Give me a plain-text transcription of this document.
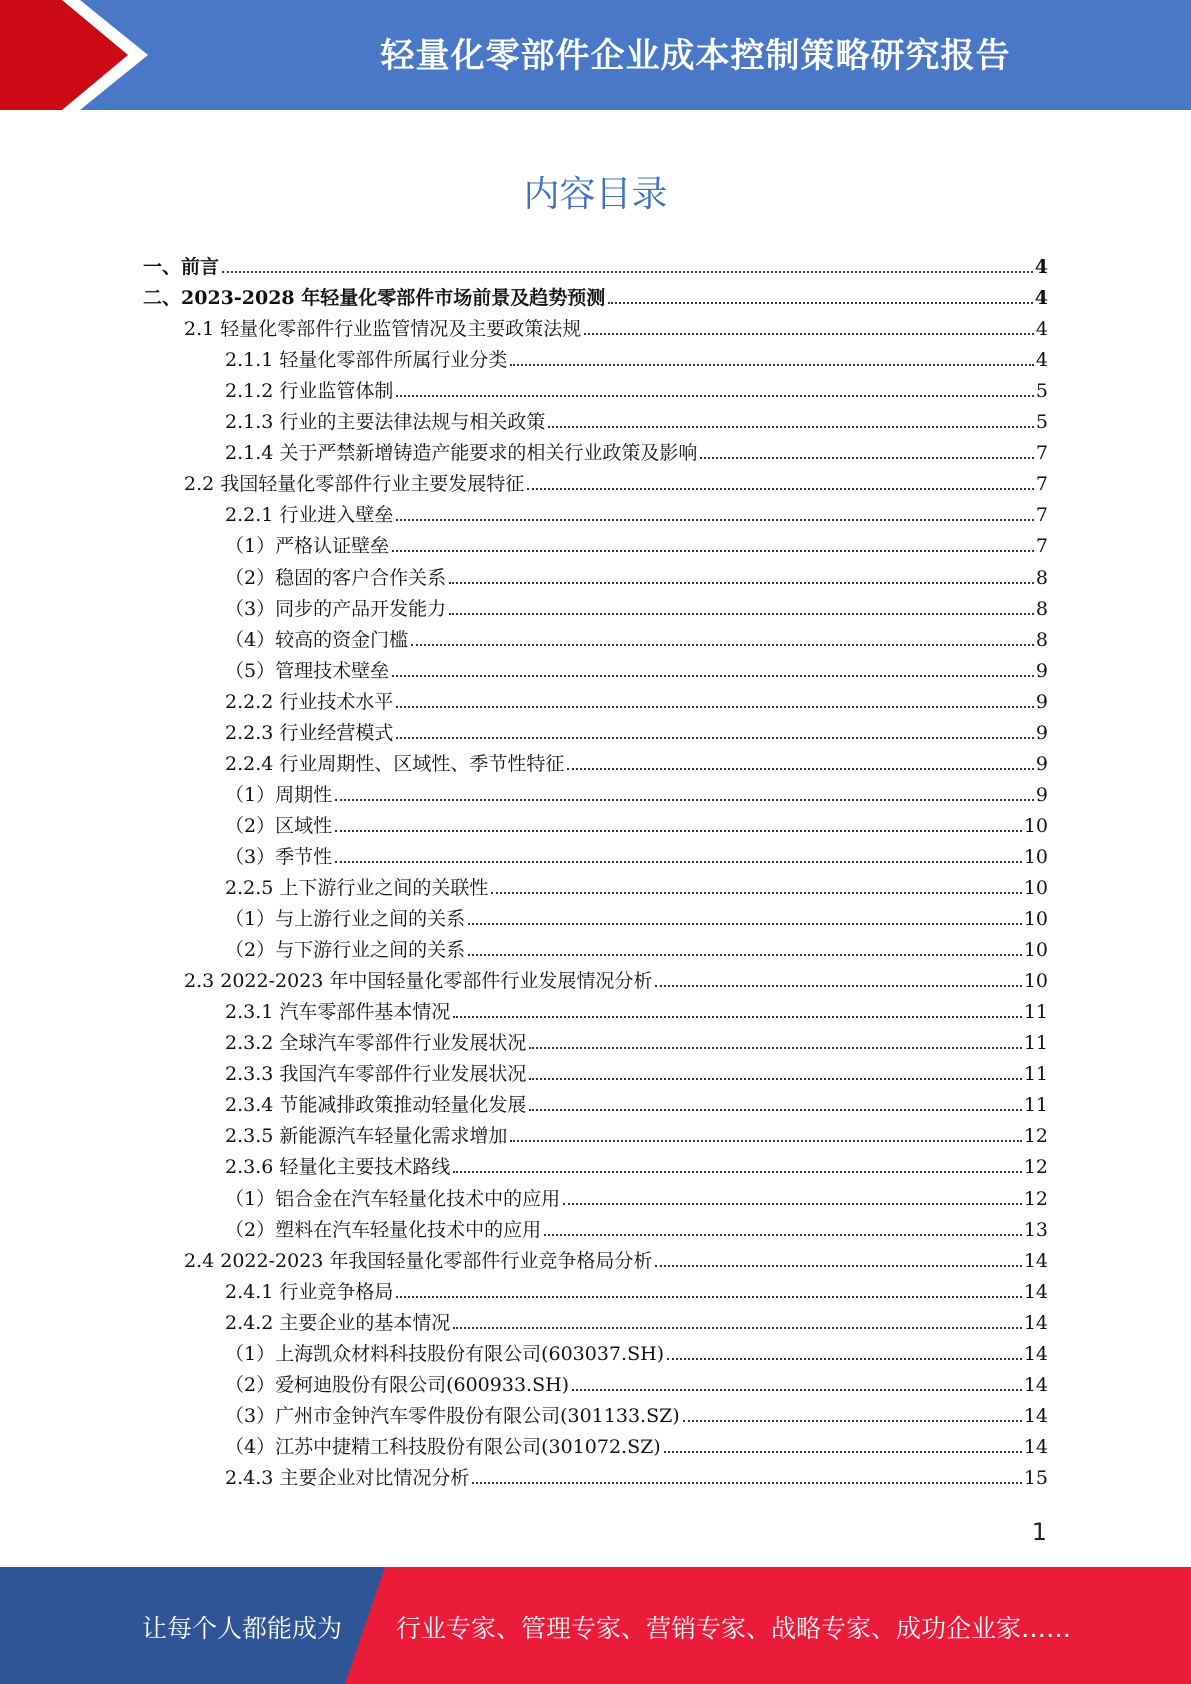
轻量化零部件企业成本控制策略研究报告
内容目录
一、前言	4
二、2023-2028 年轻量化零部件市场前景及趋势预测	4
2.1 轻量化零部件行业监管情况及主要政策法规	4
2.1.1 轻量化零部件所属行业分类	4
2.1.2 行业监管体制	5
2.1.3 行业的主要法律法规与相关政策	5
2.1.4 关于严禁新增铸造产能要求的相关行业政策及影响	7
2.2 我国轻量化零部件行业主要发展特征	7
2.2.1 行业进入壁垒	7
（1）严格认证壁垒	7
（2）稳固的客户合作关系	8
（3）同步的产品开发能力	8
（4）较高的资金门槛	8
（5）管理技术壁垒	9
2.2.2 行业技术水平	9
2.2.3 行业经营模式	9
2.2.4 行业周期性、区域性、季节性特征	9
（1）周期性	9
（2）区域性	10
（3）季节性	10
2.2.5 上下游行业之间的关联性	10
（1）与上游行业之间的关系	10
（2）与下游行业之间的关系	10
2.3 2022-2023 年中国轻量化零部件行业发展情况分析	10
2.3.1 汽车零部件基本情况	11
2.3.2 全球汽车零部件行业发展状况	11
2.3.3 我国汽车零部件行业发展状况	11
2.3.4 节能减排政策推动轻量化发展	11
2.3.5 新能源汽车轻量化需求增加	12
2.3.6 轻量化主要技术路线	12
（1）铝合金在汽车轻量化技术中的应用	12
（2）塑料在汽车轻量化技术中的应用	13
2.4 2022-2023 年我国轻量化零部件行业竞争格局分析	14
2.4.1 行业竞争格局	14
2.4.2 主要企业的基本情况	14
（1）上海凯众材料科技股份有限公司(603037.SH)	14
（2）爱柯迪股份有限公司(600933.SH)	14
（3）广州市金钟汽车零件股份有限公司(301133.SZ)	14
（4）江苏中捷精工科技股份有限公司(301072.SZ)	14
2.4.3 主要企业对比情况分析	15
1
让每个人都能成为 行业专家、管理专家、营销专家、战略专家、成功企业家……
